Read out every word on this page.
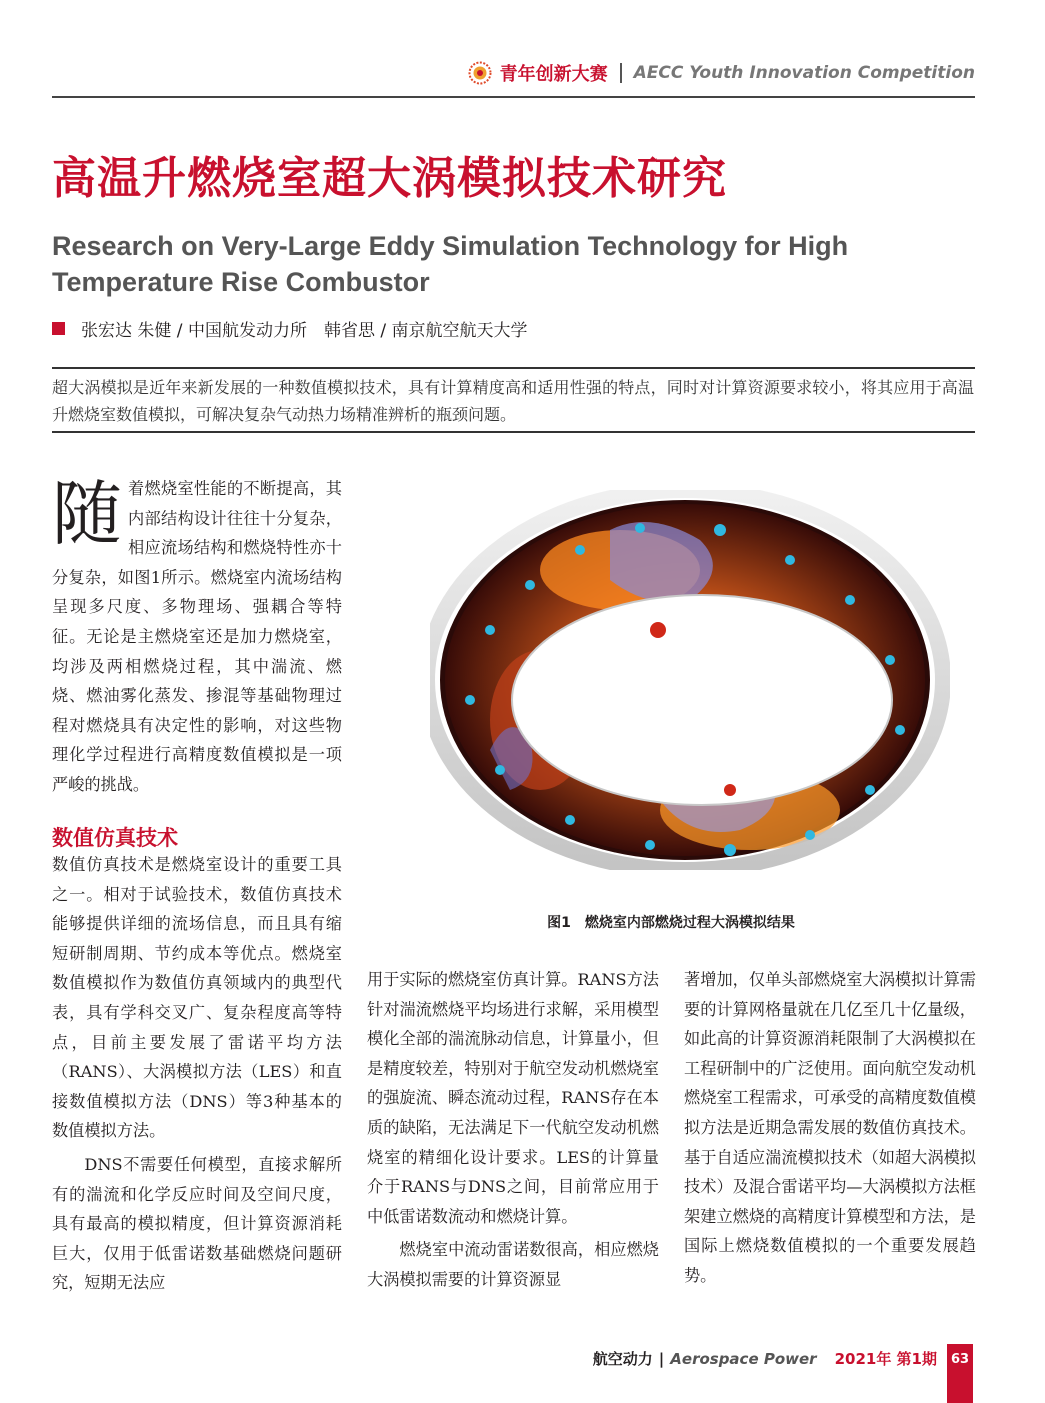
青年创新大赛 AECC Youth Innovation Competition
高温升燃烧室超大涡模拟技术研究
Research on Very-Large Eddy Simulation Technology for High Temperature Rise Combustor
张宏达 朱健 / 中国航发动力所　韩省思 / 南京航空航天大学
超大涡模拟是近年来新发展的一种数值模拟技术，具有计算精度高和适用性强的特点，同时对计算资源要求较小，将其应用于高温升燃烧室数值模拟，可解决复杂气动热力场精准辨析的瓶颈问题。
随 着燃烧室性能的不断提高，其内部结构设计往往十分复杂，相应流场结构和燃烧特性亦十分复杂，如图1所示。燃烧室内流场结构呈现多尺度、多物理场、强耦合等特征。无论是主燃烧室还是加力燃烧室，均涉及两相燃烧过程，其中湍流、燃烧、燃油雾化蒸发、掺混等基础物理过程对燃烧具有决定性的影响，对这些物理化学过程进行高精度数值模拟是一项严峻的挑战。
数值仿真技术

数值仿真技术是燃烧室设计的重要工具之一。相对于试验技术，数值仿真技术能够提供详细的流场信息，而且具有缩短研制周期、节约成本等优点。燃烧室数值模拟作为数值仿真领域内的典型代表，具有学科交叉广、复杂程度高等特点，目前主要发展了雷诺平均方法（RANS）、大涡模拟方法（LES）和直接数值模拟方法（DNS）等3种基本的数值模拟方法。

DNS不需要任何模型，直接求解所有的湍流和化学反应时间及空间尺度，具有最高的模拟精度，但计算资源消耗巨大，仅用于低雷诺数基础燃烧问题研究，短期无法应

图1　燃烧室内部燃烧过程大涡模拟结果

用于实际的燃烧室仿真计算。RANS方法针对湍流燃烧平均场进行求解，采用模型模化全部的湍流脉动信息，计算量小，但是精度较差，特别对于航空发动机燃烧室的强旋流、瞬态流动过程，RANS存在本质的缺陷，无法满足下一代航空发动机燃烧室的精细化设计要求。LES的计算量介于RANS与DNS之间，目前常应用于中低雷诺数流动和燃烧计算。

燃烧室中流动雷诺数很高，相应燃烧大涡模拟需要的计算资源显

著增加，仅单头部燃烧室大涡模拟计算需要的计算网格量就在几亿至几十亿量级，如此高的计算资源消耗限制了大涡模拟在工程研制中的广泛使用。面向航空发动机燃烧室工程需求，可承受的高精度数值模拟方法是近期急需发展的数值仿真技术。基于自适应湍流模拟技术（如超大涡模拟技术）及混合雷诺平均—大涡模拟方法框架建立燃烧的高精度计算模型和方法，是国际上燃烧数值模拟的一个重要发展趋势。

航空动力 | Aerospace Power 2021年 第1期	63
